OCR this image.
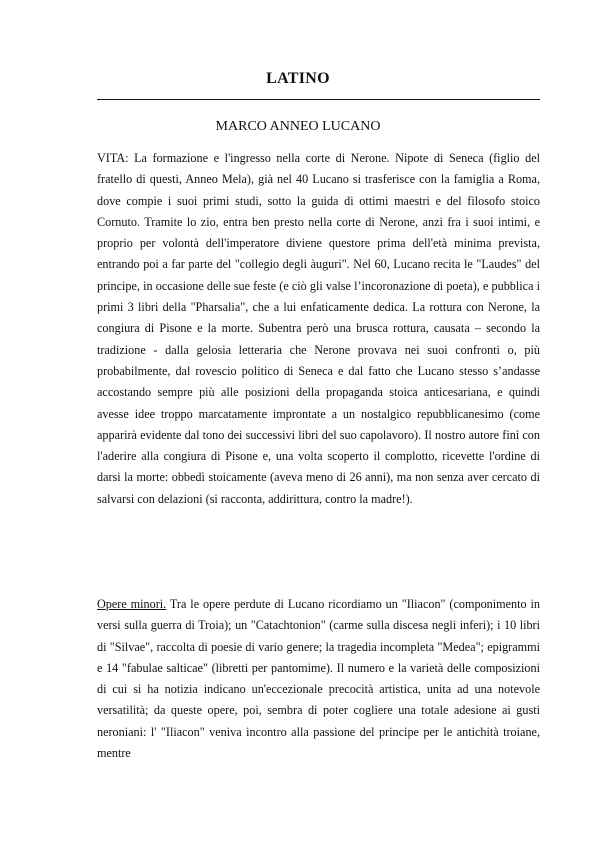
LATINO
MARCO ANNEO LUCANO

VITA: La formazione e l'ingresso nella corte di Nerone. Nipote di Seneca (figlio del fratello di questi, Anneo Mela), già nel 40 Lucano si trasferisce con la famiglia a Roma, dove compie i suoi primi studi, sotto la guida di ottimi maestri e del filosofo stoico Cornuto. Tramite lo zio, entra ben presto nella corte di Nerone, anzi fra i suoi intimi, e proprio per volontà dell'imperatore diviene questore prima dell'età minima prevista, entrando poi a far parte del "collegio degli àuguri". Nel 60, Lucano recita le "Laudes" del principe, in occasione delle sue feste (e ciò gli valse l’incoronazione di poeta), e pubblica i primi 3 libri della "Pharsalia", che a lui enfaticamente dedica. La rottura con Nerone, la congiura di Pisone e la morte. Subentra però una brusca rottura, causata – secondo la tradizione - dalla gelosia letteraria che Nerone provava nei suoi confronti o, più probabilmente, dal rovescio politico di Seneca e dal fatto che Lucano stesso s’andasse accostando sempre più alle posizioni della propaganda stoica anticesariana, e quindi avesse idee troppo marcatamente improntate a un nostalgico repubblicanesimo (come apparirà evidente dal tono dei successivi libri del suo capolavoro). Il nostro autore finì con l'aderire alla congiura di Pisone e, una volta scoperto il complotto, ricevette l'ordine di darsi la morte: obbedì stoicamente (aveva meno di 26 anni), ma non senza aver cercato di salvarsi con delazioni (si racconta, addirittura, contro la madre!).

Opere minori. Tra le opere perdute di Lucano ricordiamo un "Iliacon" (componimento in versi sulla guerra di Troia); un "Catachtonion" (carme sulla discesa negli inferi); i 10 libri di "Silvae", raccolta di poesie di vario genere; la tragedia incompleta "Medea"; epigrammi e 14 "fabulae salticae" (libretti per pantomime). Il numero e la varietà delle composizioni di cui si ha notizia indicano un'eccezionale precocità artistica, unita ad una notevole versatilità; da queste opere, poi, sembra di poter cogliere una totale adesione ai gusti neroniani: l' "Iliacon" veniva incontro alla passione del principe per le antichità troiane, mentre
